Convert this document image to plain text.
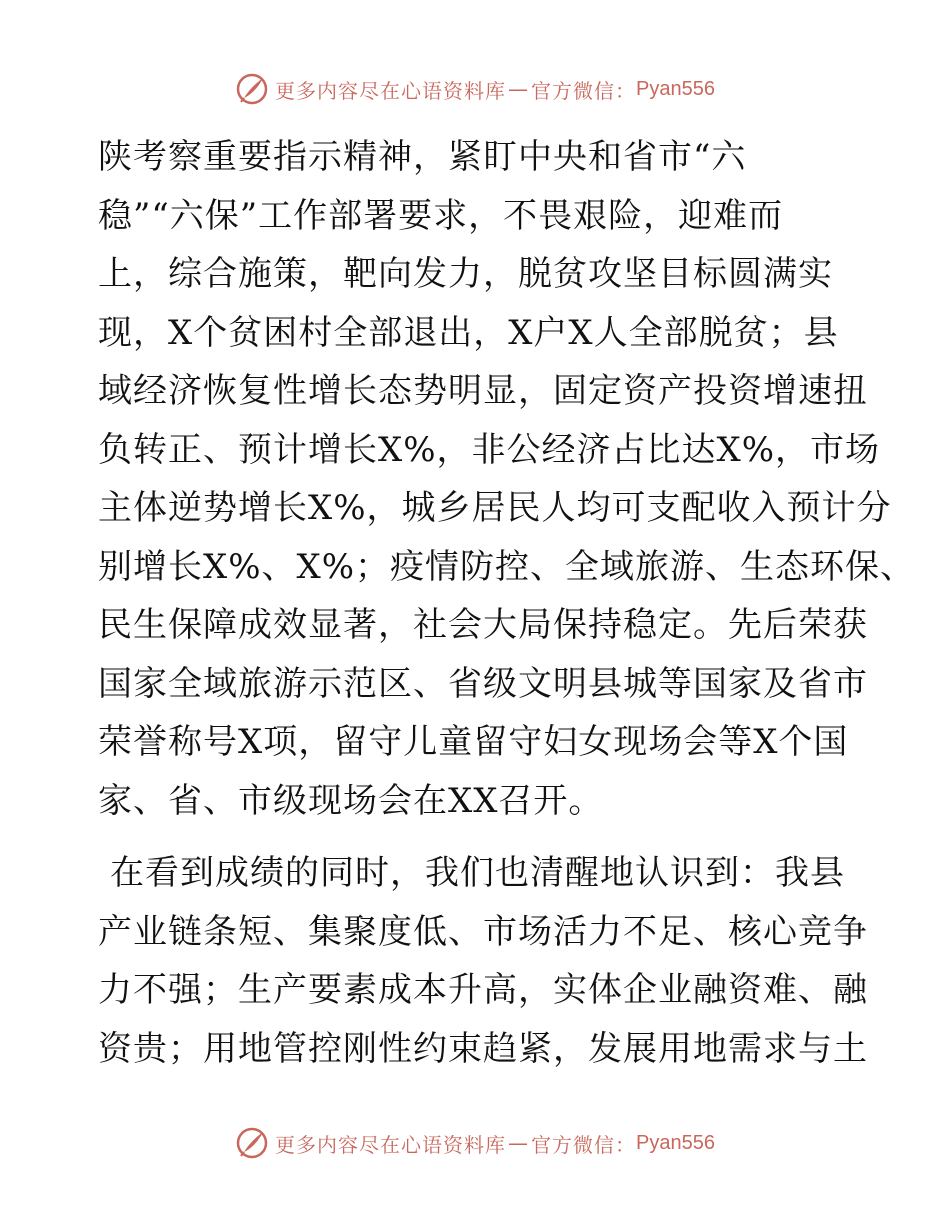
更多内容尽在心语资料库 — 官方微信： Pyan556
陕考察重要指示精神，紧盯中央和省市“六
稳”“六保”工作部署要求，不畏艰险，迎难而
上，综合施策，靶向发力，脱贫攻坚目标圆满实
现，X个贫困村全部退出，X户X人全部脱贫；县
域经济恢复性增长态势明显，固定资产投资增速扭
负转正、预计增长X%，非公经济占比达X%，市场
主体逆势增长X%，城乡居民人均可支配收入预计分
别增长X%、X%；疫情防控、全域旅游、生态环保、
民生保障成效显著，社会大局保持稳定。先后荣获
国家全域旅游示范区、省级文明县城等国家及省市
荣誉称号X项，留守儿童留守妇女现场会等X个国
家、省、市级现场会在XX召开。
在看到成绩的同时，我们也清醒地认识到：我县
产业链条短、集聚度低、市场活力不足、核心竞争
力不强；生产要素成本升高，实体企业融资难、融
资贵；用地管控刚性约束趋紧，发展用地需求与土
更多内容尽在心语资料库 — 官方微信： Pyan556
